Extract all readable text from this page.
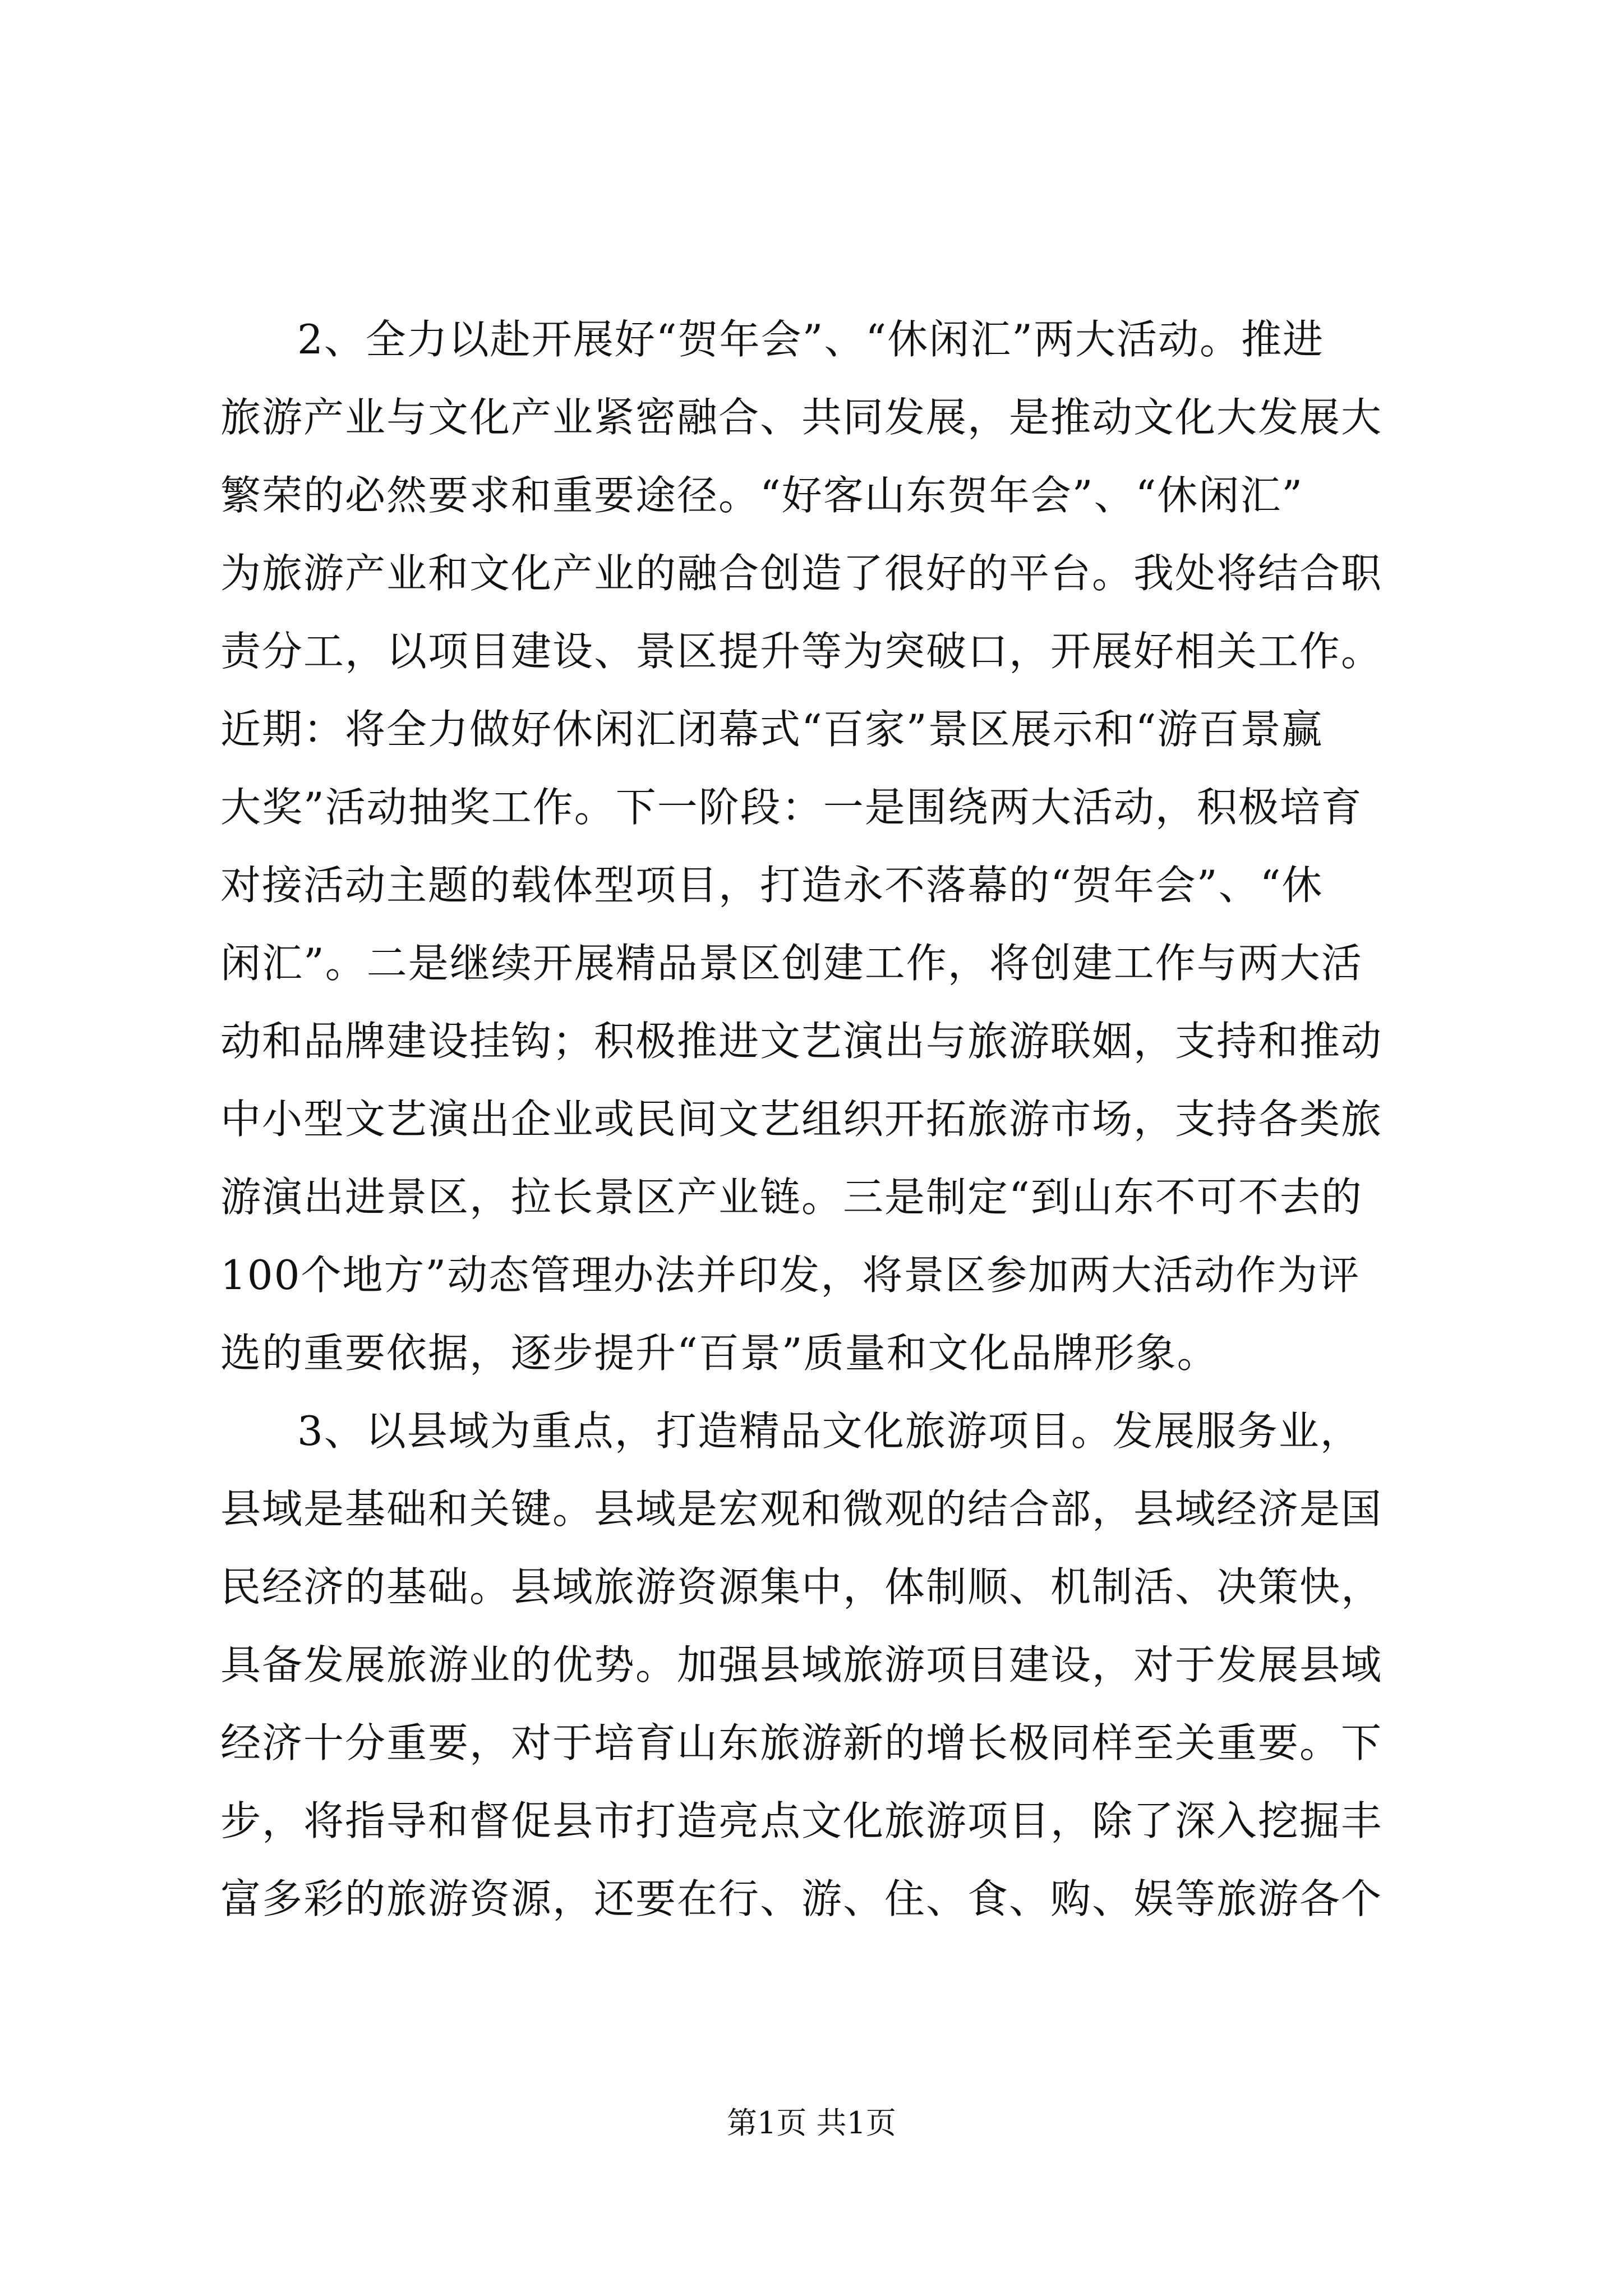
2、全力以赴开展好“贺年会”、“休闲汇”两大活动。推进
旅游产业与文化产业紧密融合、共同发展，是推动文化大发展大
繁荣的必然要求和重要途径。“好客山东贺年会”、“休闲汇”
为旅游产业和文化产业的融合创造了很好的平台。我处将结合职
责分工，以项目建设、景区提升等为突破口，开展好相关工作。
近期：将全力做好休闲汇闭幕式“百家”景区展示和“游百景赢
大奖”活动抽奖工作。下一阶段：一是围绕两大活动，积极培育
对接活动主题的载体型项目，打造永不落幕的“贺年会”、“休
闲汇”。二是继续开展精品景区创建工作，将创建工作与两大活
动和品牌建设挂钩；积极推进文艺演出与旅游联姻，支持和推动
中小型文艺演出企业或民间文艺组织开拓旅游市场，支持各类旅
游演出进景区，拉长景区产业链。三是制定“到山东不可不去的
100个地方”动态管理办法并印发，将景区参加两大活动作为评
选的重要依据，逐步提升“百景”质量和文化品牌形象。
3、以县域为重点，打造精品文化旅游项目。发展服务业，
县域是基础和关键。县域是宏观和微观的结合部，县域经济是国
民经济的基础。县域旅游资源集中，体制顺、机制活、决策快，
具备发展旅游业的优势。加强县域旅游项目建设，对于发展县域
经济十分重要，对于培育山东旅游新的增长极同样至关重要。下
步，将指导和督促县市打造亮点文化旅游项目，除了深入挖掘丰
富多彩的旅游资源，还要在行、游、住、食、购、娱等旅游各个
第1页 共1页
